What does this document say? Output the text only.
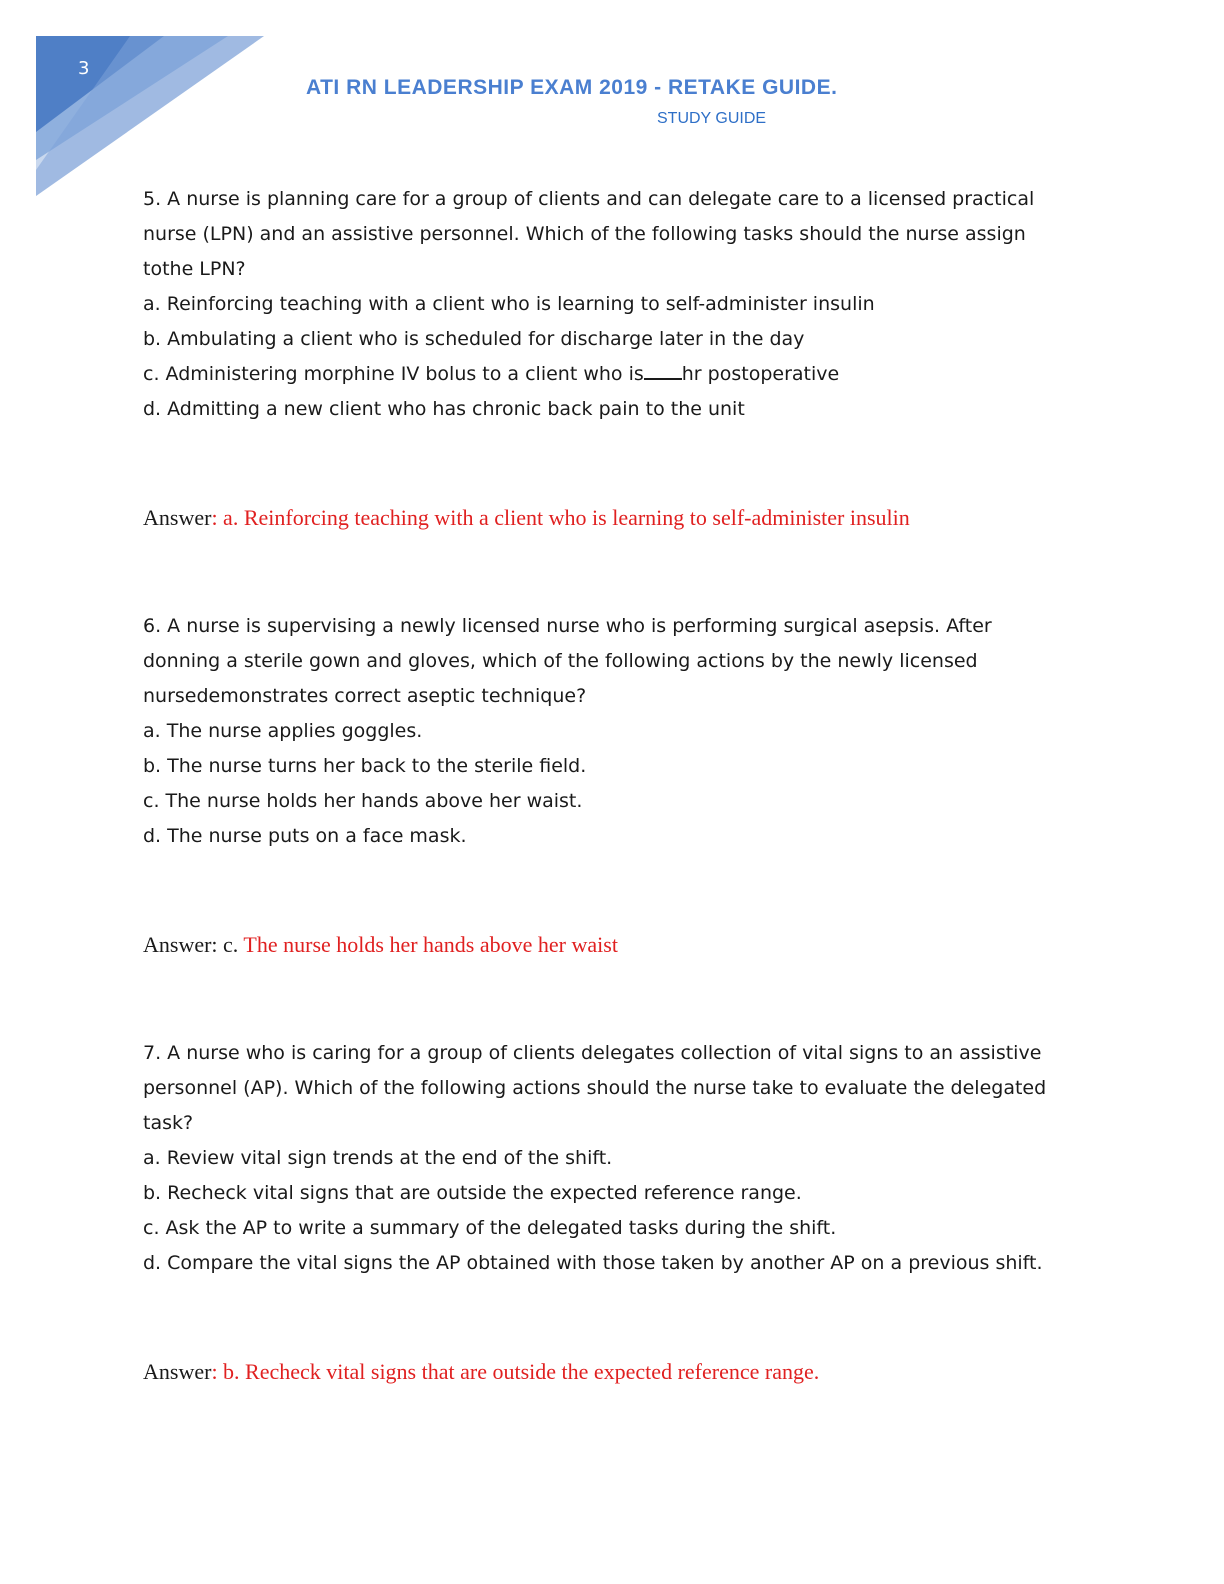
3
ATI RN LEADERSHIP EXAM 2019 - RETAKE GUIDE.
STUDY GUIDE

5. A nurse is planning care for a group of clients and can delegate care to a licensed practical nurse (LPN) and an assistive personnel. Which of the following tasks should the nurse assign tothe LPN?

a. Reinforcing teaching with a client who is learning to self-administer insulin

b. Ambulating a client who is scheduled for discharge later in the day

c. Administering morphine IV bolus to a client who is hr postoperative

d. Admitting a new client who has chronic back pain to the unit

Answer: a. Reinforcing teaching with a client who is learning to self-administer insulin

6. A nurse is supervising a newly licensed nurse who is performing surgical asepsis. After donning a sterile gown and gloves, which of the following actions by the newly licensed nursedemonstrates correct aseptic technique?

a. The nurse applies goggles.

b. The nurse turns her back to the sterile field.

c. The nurse holds her hands above her waist.

d. The nurse puts on a face mask.

Answer: c. The nurse holds her hands above her waist

7. A nurse who is caring for a group of clients delegates collection of vital signs to an assistive personnel (AP). Which of the following actions should the nurse take to evaluate the delegated task?

a. Review vital sign trends at the end of the shift.

b. Recheck vital signs that are outside the expected reference range.

c. Ask the AP to write a summary of the delegated tasks during the shift.

d. Compare the vital signs the AP obtained with those taken by another AP on a previous shift.

Answer: b. Recheck vital signs that are outside the expected reference range.
